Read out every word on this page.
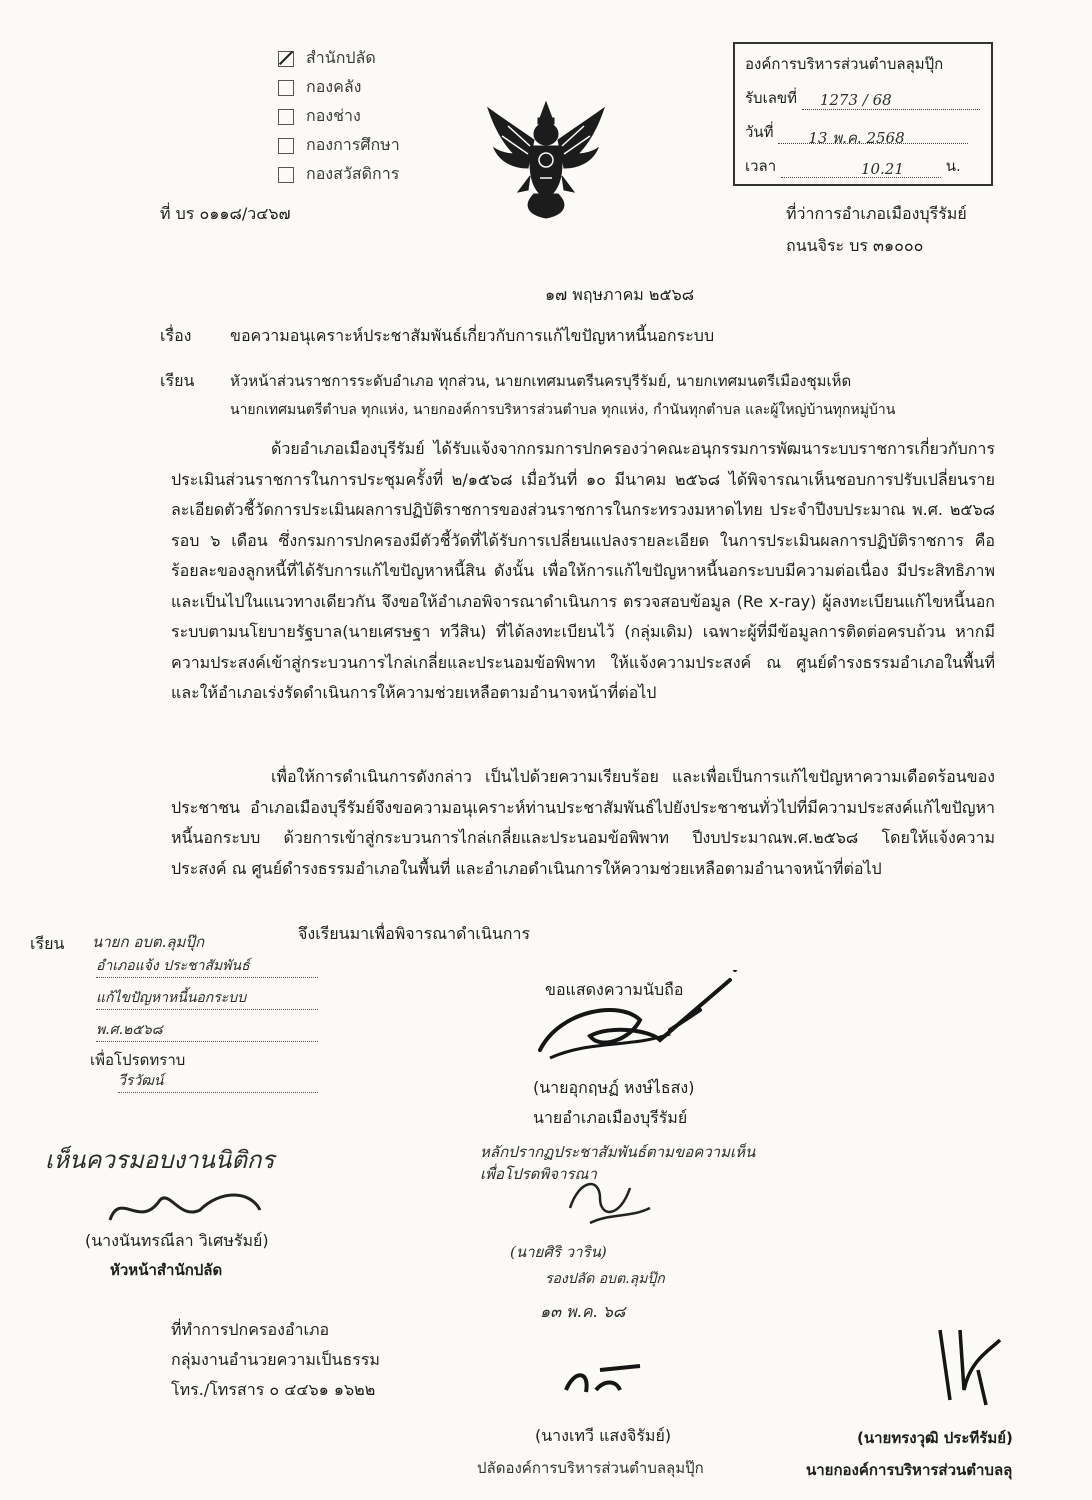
สำนักปลัด
กองคลัง
กองช่าง
กองการศึกษา
กองสวัสดิการ
องค์การบริหารส่วนตำบลลุมปุ๊ก
รับเลขที่ 1273 / 68
วันที่ 13 พ.ค. 2568
เวลา	10.21	น.
ที่ บร ๐๑๑๘/ว๔๖๗	ที่ว่าการอำเภอเมืองบุรีรัมย์
ถนนจิระ บร ๓๑๐๐๐
๑๗ พฤษภาคม ๒๕๖๘
เรื่อง ขอความอนุเคราะห์ประชาสัมพันธ์เกี่ยวกับการแก้ไขปัญหาหนี้นอกระบบ
เรียน หัวหน้าส่วนราชการระดับอำเภอ ทุกส่วน, นายกเทศมนตรีนครบุรีรัมย์, นายกเทศมนตรีเมืองชุมเห็ด
นายกเทศมนตรีตำบล ทุกแห่ง, นายกองค์การบริหารส่วนตำบล ทุกแห่ง, กำนันทุกตำบล และผู้ใหญ่บ้านทุกหมู่บ้าน
ด้วยอำเภอเมืองบุรีรัมย์ ได้รับแจ้งจากกรมการปกครองว่าคณะอนุกรรมการพัฒนาระบบราชการเกี่ยวกับการประเมินส่วนราชการในการประชุมครั้งที่ ๒/๑๕๖๘ เมื่อวันที่ ๑๐ มีนาคม ๒๕๖๘ ได้พิจารณาเห็นชอบการปรับเปลี่ยนรายละเอียดตัวชี้วัดการประเมินผลการปฏิบัติราชการของส่วนราชการในกระทรวงมหาดไทย ประจำปีงบประมาณ พ.ศ. ๒๕๖๘ รอบ ๖ เดือน ซึ่งกรมการปกครองมีตัวชี้วัดที่ได้รับการเปลี่ยนแปลงรายละเอียด ในการประเมินผลการปฏิบัติราชการ คือ ร้อยละของลูกหนี้ที่ได้รับการแก้ไขปัญหาหนี้สิน ดังนั้น เพื่อให้การแก้ไขปัญหาหนี้นอกระบบมีความต่อเนื่อง มีประสิทธิภาพ และเป็นไปในแนวทางเดียวกัน จึงขอให้อำเภอพิจารณาดำเนินการ ตรวจสอบข้อมูล (Re x-ray) ผู้ลงทะเบียนแก้ไขหนี้นอกระบบตามนโยบายรัฐบาล(นายเศรษฐา ทวีสิน) ที่ได้ลงทะเบียนไว้ (กลุ่มเดิม) เฉพาะผู้ที่มีข้อมูลการติดต่อครบถ้วน หากมีความประสงค์เข้าสู่กระบวนการไกล่เกลี่ยและประนอมข้อพิพาท ให้แจ้งความประสงค์ ณ ศูนย์ดำรงธรรมอำเภอในพื้นที่ และให้อำเภอเร่งรัดดำเนินการให้ความช่วยเหลือตามอำนาจหน้าที่ต่อไป
เพื่อให้การดำเนินการดังกล่าว เป็นไปด้วยความเรียบร้อย และเพื่อเป็นการแก้ไขปัญหาความเดือดร้อนของประชาชน อำเภอเมืองบุรีรัมย์จึงขอความอนุเคราะห์ท่านประชาสัมพันธ์ไปยังประชาชนทั่วไปที่มีความประสงค์แก้ไขปัญหาหนี้นอกระบบ ด้วยการเข้าสู่กระบวนการไกล่เกลี่ยและประนอมข้อพิพาท ปีงบประมาณพ.ศ.๒๕๖๘ โดยให้แจ้งความประสงค์ ณ ศูนย์ดำรงธรรมอำเภอในพื้นที่ และอำเภอดำเนินการให้ความช่วยเหลือตามอำนาจหน้าที่ต่อไป
จึงเรียนมาเพื่อพิจารณาดำเนินการ
เรียน นายก อบต.ลุมปุ๊ก
อำเภอแจ้ง ประชาสัมพันธ์
แก้ไขปัญหาหนี้นอกระบบ
พ.ศ.๒๕๖๘
เพื่อโปรดทราบ
วีรวัฒน์
ขอแสดงความนับถือ
(นายอุกฤษฏ์ หงษ์ไธสง)
นายอำเภอเมืองบุรีรัมย์
หลักปรากฏประชาสัมพันธ์ตามขอความเห็น
เพื่อโปรดพิจารณา
(นายศิริ วาริน)
รองปลัด อบต.ลุมปุ๊ก
๑๓ พ.ค. ๖๘
เห็นควรมอบงานนิติกร
(นางนันทรณีลา วิเศษรัมย์)
หัวหน้าสำนักปลัด
ที่ทำการปกครองอำเภอ
กลุ่มงานอำนวยความเป็นธรรม
โทร./โทรสาร ๐ ๔๔๖๑ ๑๖๒๒
(นางเทวี แสงจิรัมย์)
ปลัดองค์การบริหารส่วนตำบลลุมปุ๊ก
(นายทรงวุฒิ ประทีรัมย์)
นายกองค์การบริหารส่วนตำบลลุ
